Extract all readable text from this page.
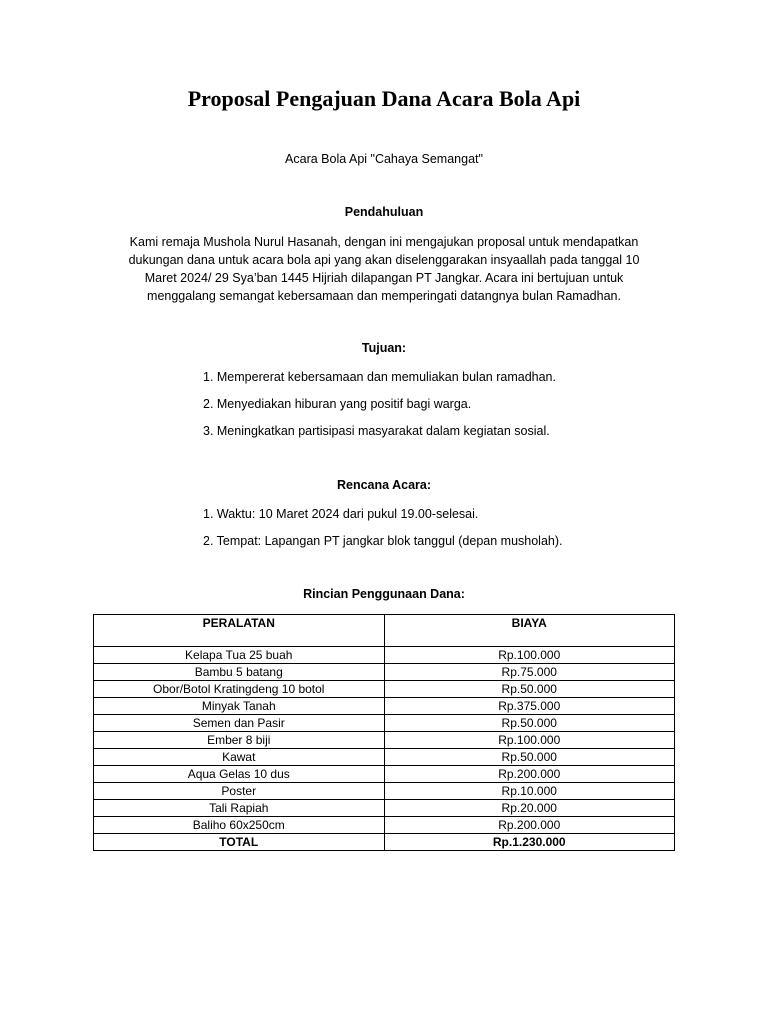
Proposal Pengajuan Dana Acara Bola Api
Acara Bola Api "Cahaya Semangat"
Pendahuluan

Kami remaja Mushola Nurul Hasanah, dengan ini mengajukan proposal untuk mendapatkan dukungan dana untuk acara bola api yang akan diselenggarakan insyaallah pada tanggal 10 Maret 2024/ 29 Sya’ban 1445 Hijriah dilapangan PT Jangkar. Acara ini bertujuan untuk menggalang semangat kebersamaan dan memperingati datangnya bulan Ramadhan.

Tujuan:
1. Mempererat kebersamaan dan memuliakan bulan ramadhan.
2. Menyediakan hiburan yang positif bagi warga.
3. Meningkatkan partisipasi masyarakat dalam kegiatan sosial.
Rencana Acara:
1. Waktu: 10 Maret 2024 dari pukul 19.00-selesai.
2. Tempat: Lapangan PT jangkar blok tanggul (depan musholah).
Rincian Penggunaan Dana:
PERALATAN	BIAYA
Kelapa Tua 25 buah	Rp.100.000
Bambu 5 batang	Rp.75.000
Obor/Botol Kratingdeng 10 botol	Rp.50.000
Minyak Tanah	Rp.375.000
Semen dan Pasir	Rp.50.000
Ember 8 biji	Rp.100.000
Kawat	Rp.50.000
Aqua Gelas 10 dus	Rp.200.000
Poster	Rp.10.000
Tali Rapiah	Rp.20.000
Baliho 60x250cm	Rp.200.000
TOTAL	Rp.1.230.000
